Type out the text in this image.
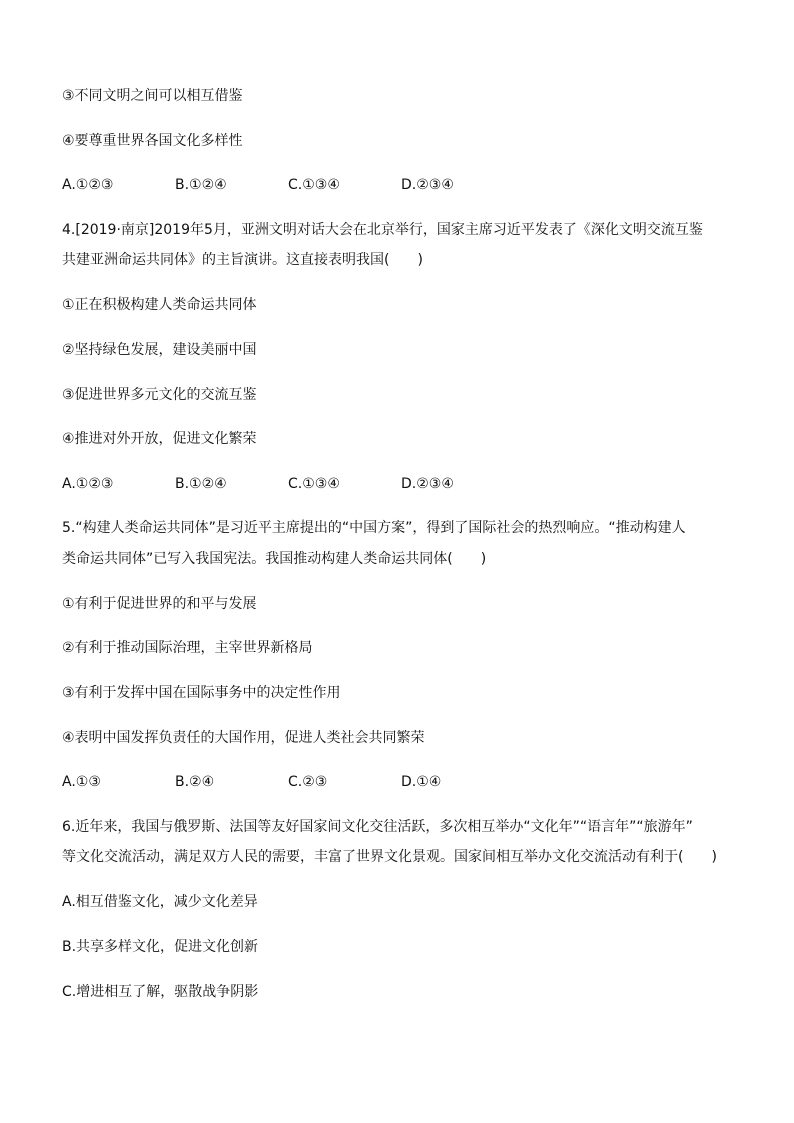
③不同文明之间可以相互借鉴
④要尊重世界各国文化多样性
A.①②③	B.①②④	C.①③④	D.②③④
4.[2019·南京]2019年5月，亚洲文明对话大会在北京举行，国家主席习近平发表了《深化文明交流互鉴
共建亚洲命运共同体》的主旨演讲。这直接表明我国(　　)
①正在积极构建人类命运共同体
②坚持绿色发展，建设美丽中国
③促进世界多元文化的交流互鉴
④推进对外开放，促进文化繁荣
A.①②③	B.①②④	C.①③④	D.②③④
5.“构建人类命运共同体”是习近平主席提出的“中国方案”，得到了国际社会的热烈响应。“推动构建人
类命运共同体”已写入我国宪法。我国推动构建人类命运共同体(　　)
①有利于促进世界的和平与发展
②有利于推动国际治理，主宰世界新格局
③有利于发挥中国在国际事务中的决定性作用
④表明中国发挥负责任的大国作用，促进人类社会共同繁荣
A.①③	B.②④	C.②③	D.①④
6.近年来，我国与俄罗斯、法国等友好国家间文化交往活跃，多次相互举办“文化年”“语言年”“旅游年”
等文化交流活动，满足双方人民的需要，丰富了世界文化景观。国家间相互举办文化交流活动有利于(　　)
A.相互借鉴文化，减少文化差异
B.共享多样文化，促进文化创新
C.增进相互了解，驱散战争阴影
